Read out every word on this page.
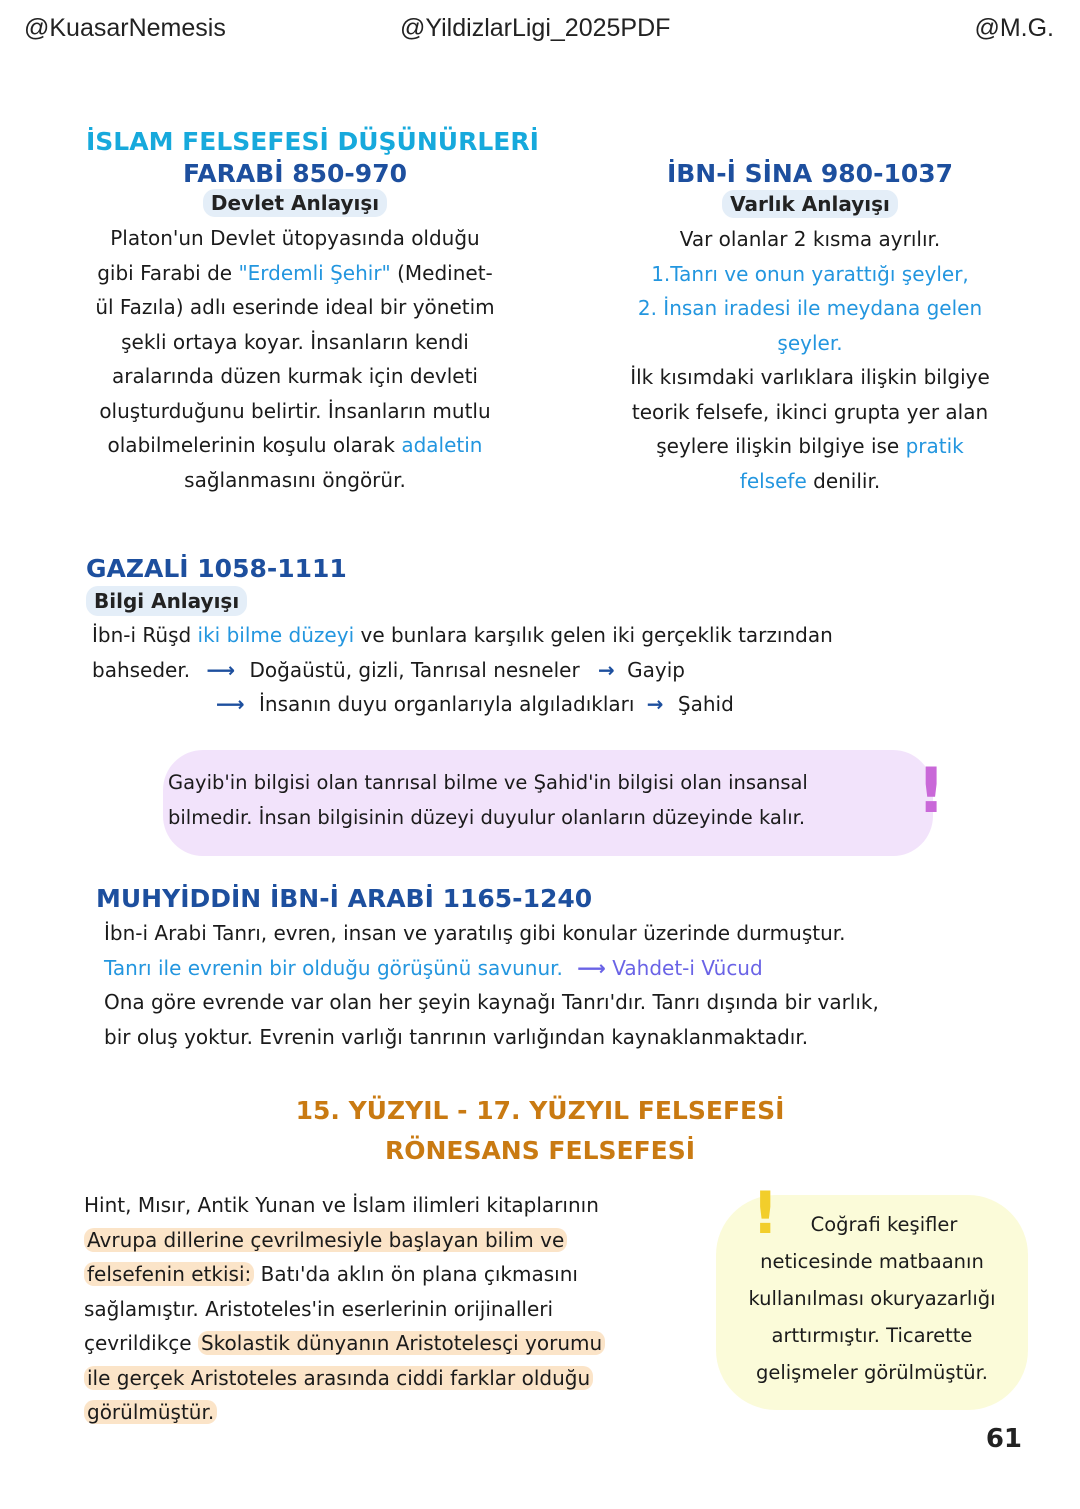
@KuasarNemesis	@YildizlarLigi_2025PDF	@M.G.
İSLAM FELSEFESİ DÜŞÜNÜRLERİ
FARABİ 850-970
Devlet Anlayışı
Platon'un Devlet ütopyasında olduğu
gibi Farabi de "Erdemli Şehir" (Medinet-
ül Fazıla) adlı eserinde ideal bir yönetim
şekli ortaya koyar. İnsanların kendi
aralarında düzen kurmak için devleti
oluşturduğunu belirtir. İnsanların mutlu
olabilmelerinin koşulu olarak adaletin
sağlanmasını öngörür.
İBN-İ SİNA 980-1037
Varlık Anlayışı
Var olanlar 2 kısma ayrılır.
1.Tanrı ve onun yarattığı şeyler,
2. İnsan iradesi ile meydana gelen
şeyler.
İlk kısımdaki varlıklara ilişkin bilgiye
teorik felsefe, ikinci grupta yer alan
şeylere ilişkin bilgiye ise pratik
felsefe denilir.
GAZALİ 1058-1111
Bilgi Anlayışı
İbn-i Rüşd iki bilme düzeyi ve bunlara karşılık gelen iki gerçeklik tarzından
bahseder. ⟶ Doğaüstü, gizli, Tanrısal nesneler → Gayip
⟶ İnsanın duyu organlarıyla algıladıkları → Şahid
Gayib'in bilgisi olan tanrısal bilme ve Şahid'in bilgisi olan insansal
bilmedir. İnsan bilgisinin düzeyi duyulur olanların düzeyinde kalır.	!
MUHYİDDİN İBN-İ ARABİ 1165-1240
İbn-i Arabi Tanrı, evren, insan ve yaratılış gibi konular üzerinde durmuştur.
Tanrı ile evrenin bir olduğu görüşünü savunur. ⟶ Vahdet-i Vücud
Ona göre evrende var olan her şeyin kaynağı Tanrı'dır. Tanrı dışında bir varlık,
bir oluş yoktur. Evrenin varlığı tanrının varlığından kaynaklanmaktadır.
15. YÜZYIL - 17. YÜZYIL FELSEFESİ
RÖNESANS FELSEFESİ
Hint, Mısır, Antik Yunan ve İslam ilimleri kitaplarının
Avrupa dillerine çevrilmesiyle başlayan bilim ve
felsefenin etkisi: Batı'da aklın ön plana çıkmasını
sağlamıştır. Aristoteles'in eserlerinin orijinalleri
çevrildikçe Skolastik dünyanın Aristotelesçi yorumu
ile gerçek Aristoteles arasında ciddi farklar olduğu
görülmüştür.
!	Coğrafi keşifler
neticesinde matbaanın
kullanılması okuryazarlığı
arttırmıştır. Ticarette
gelişmeler görülmüştür.
61
